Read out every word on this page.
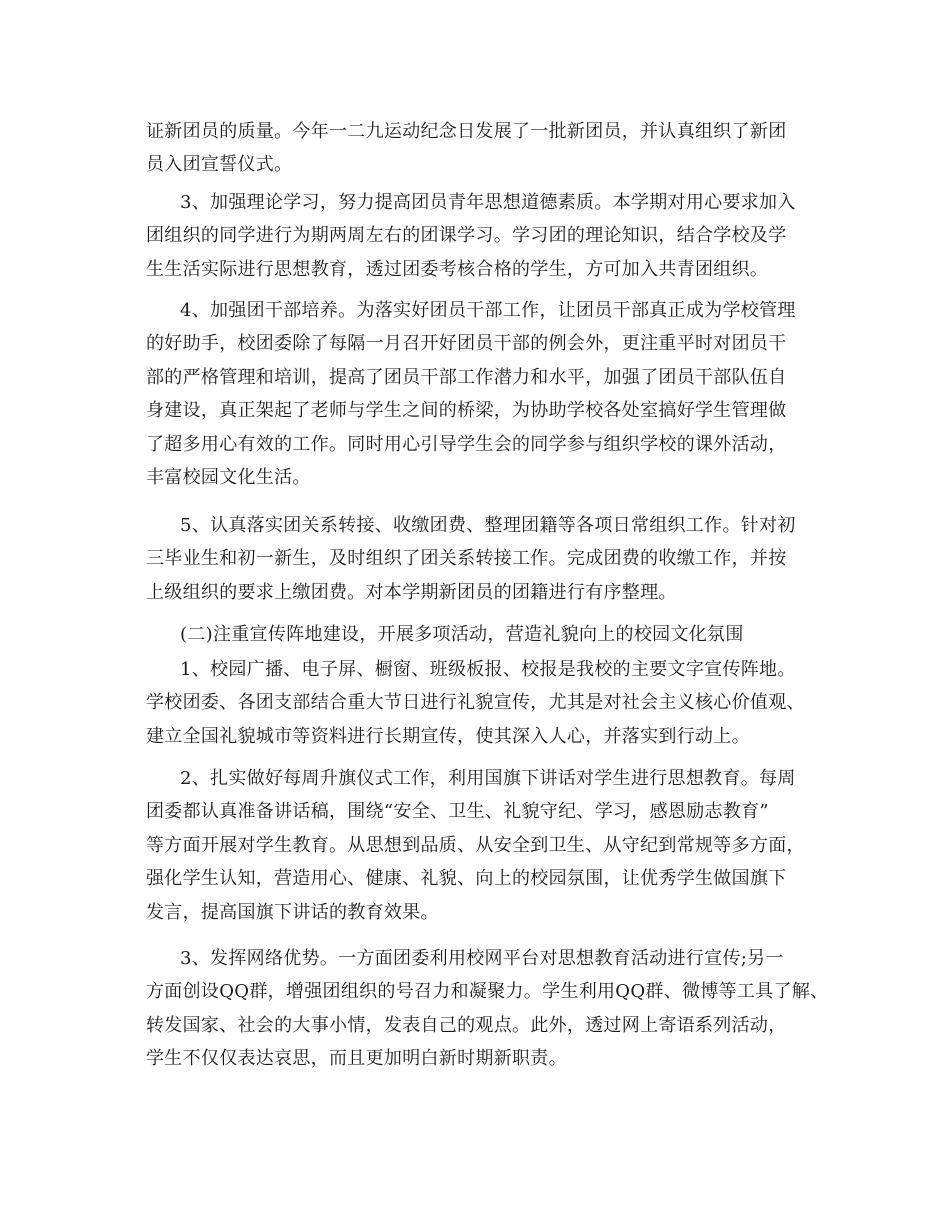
证新团员的质量。今年一二九运动纪念日发展了一批新团员，并认真组织了新团
员入团宣誓仪式。
3、加强理论学习，努力提高团员青年思想道德素质。本学期对用心要求加入
团组织的同学进行为期两周左右的团课学习。学习团的理论知识，结合学校及学
生生活实际进行思想教育，透过团委考核合格的学生，方可加入共青团组织。
4、加强团干部培养。为落实好团员干部工作，让团员干部真正成为学校管理
的好助手，校团委除了每隔一月召开好团员干部的例会外，更注重平时对团员干
部的严格管理和培训，提高了团员干部工作潜力和水平，加强了团员干部队伍自
身建设，真正架起了老师与学生之间的桥梁，为协助学校各处室搞好学生管理做
了超多用心有效的工作。同时用心引导学生会的同学参与组织学校的课外活动，
丰富校园文化生活。
5、认真落实团关系转接、收缴团费、整理团籍等各项日常组织工作。针对初
三毕业生和初一新生，及时组织了团关系转接工作。完成团费的收缴工作，并按
上级组织的要求上缴团费。对本学期新团员的团籍进行有序整理。
(二)注重宣传阵地建设，开展多项活动，营造礼貌向上的校园文化氛围
1、校园广播、电子屏、橱窗、班级板报、校报是我校的主要文字宣传阵地。
学校团委、各团支部结合重大节日进行礼貌宣传，尤其是对社会主义核心价值观、
建立全国礼貌城市等资料进行长期宣传，使其深入人心，并落实到行动上。
2、扎实做好每周升旗仪式工作，利用国旗下讲话对学生进行思想教育。每周
团委都认真准备讲话稿，围绕“安全、卫生、礼貌守纪、学习，感恩励志教育”
等方面开展对学生教育。从思想到品质、从安全到卫生、从守纪到常规等多方面，
强化学生认知，营造用心、健康、礼貌、向上的校园氛围，让优秀学生做国旗下
发言，提高国旗下讲话的教育效果。
3、发挥网络优势。一方面团委利用校网平台对思想教育活动进行宣传;另一
方面创设QQ群，增强团组织的号召力和凝聚力。学生利用QQ群、微博等工具了解、
转发国家、社会的大事小情，发表自己的观点。此外，透过网上寄语系列活动，
学生不仅仅表达哀思，而且更加明白新时期新职责。
